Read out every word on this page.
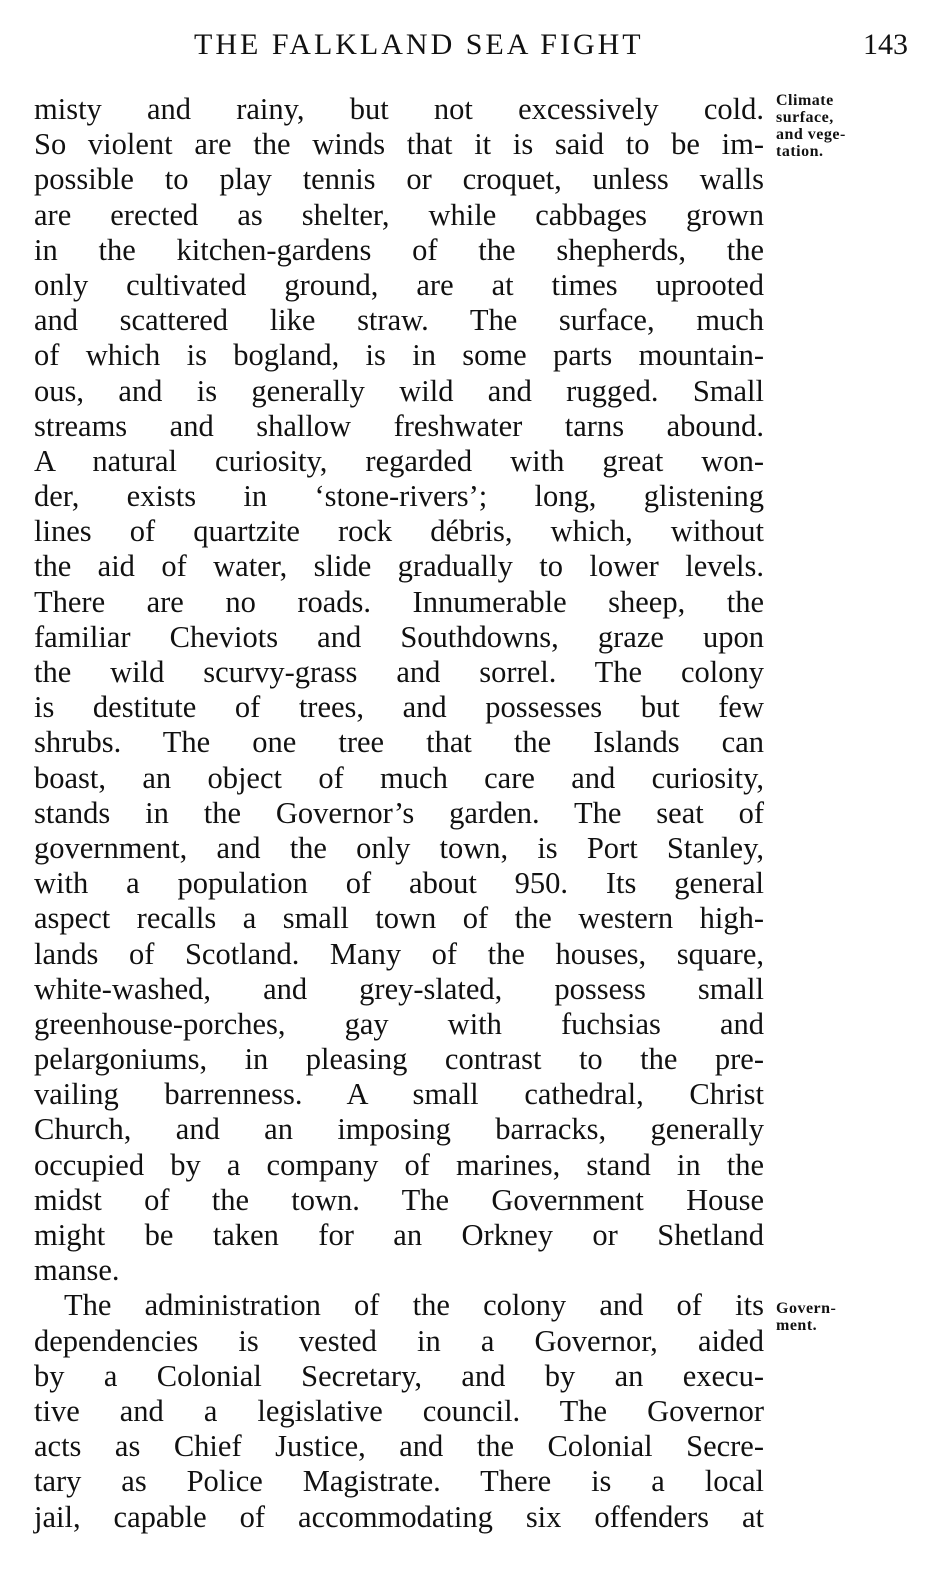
THE FALKLAND SEA FIGHT	143
Climate
surface,
and vege-
tation.
Govern-
ment.
misty and rainy, but not excessively cold.
So violent are the winds that it is said to be im-
possible to play tennis or croquet, unless walls
are erected as shelter, while cabbages grown
in the kitchen-gardens of the shepherds, the
only cultivated ground, are at times uprooted
and scattered like straw. The surface, much
of which is bogland, is in some parts mountain-
ous, and is generally wild and rugged. Small
streams and shallow freshwater tarns abound.
A natural curiosity, regarded with great won-
der, exists in ‘stone-rivers’; long, glistening
lines of quartzite rock débris, which, without
the aid of water, slide gradually to lower levels.
There are no roads. Innumerable sheep, the
familiar Cheviots and Southdowns, graze upon
the wild scurvy-grass and sorrel. The colony
is destitute of trees, and possesses but few
shrubs. The one tree that the Islands can
boast, an object of much care and curiosity,
stands in the Governor’s garden. The seat of
government, and the only town, is Port Stanley,
with a population of about 950. Its general
aspect recalls a small town of the western high-
lands of Scotland. Many of the houses, square,
white-washed, and grey-slated, possess small
greenhouse-porches, gay with fuchsias and
pelargoniums, in pleasing contrast to the pre-
vailing barrenness. A small cathedral, Christ
Church, and an imposing barracks, generally
occupied by a company of marines, stand in the
midst of the town. The Government House
might be taken for an Orkney or Shetland
manse.
The administration of the colony and of its
dependencies is vested in a Governor, aided
by a Colonial Secretary, and by an execu-
tive and a legislative council. The Governor
acts as Chief Justice, and the Colonial Secre-
tary as Police Magistrate. There is a local
jail, capable of accommodating six offenders at
